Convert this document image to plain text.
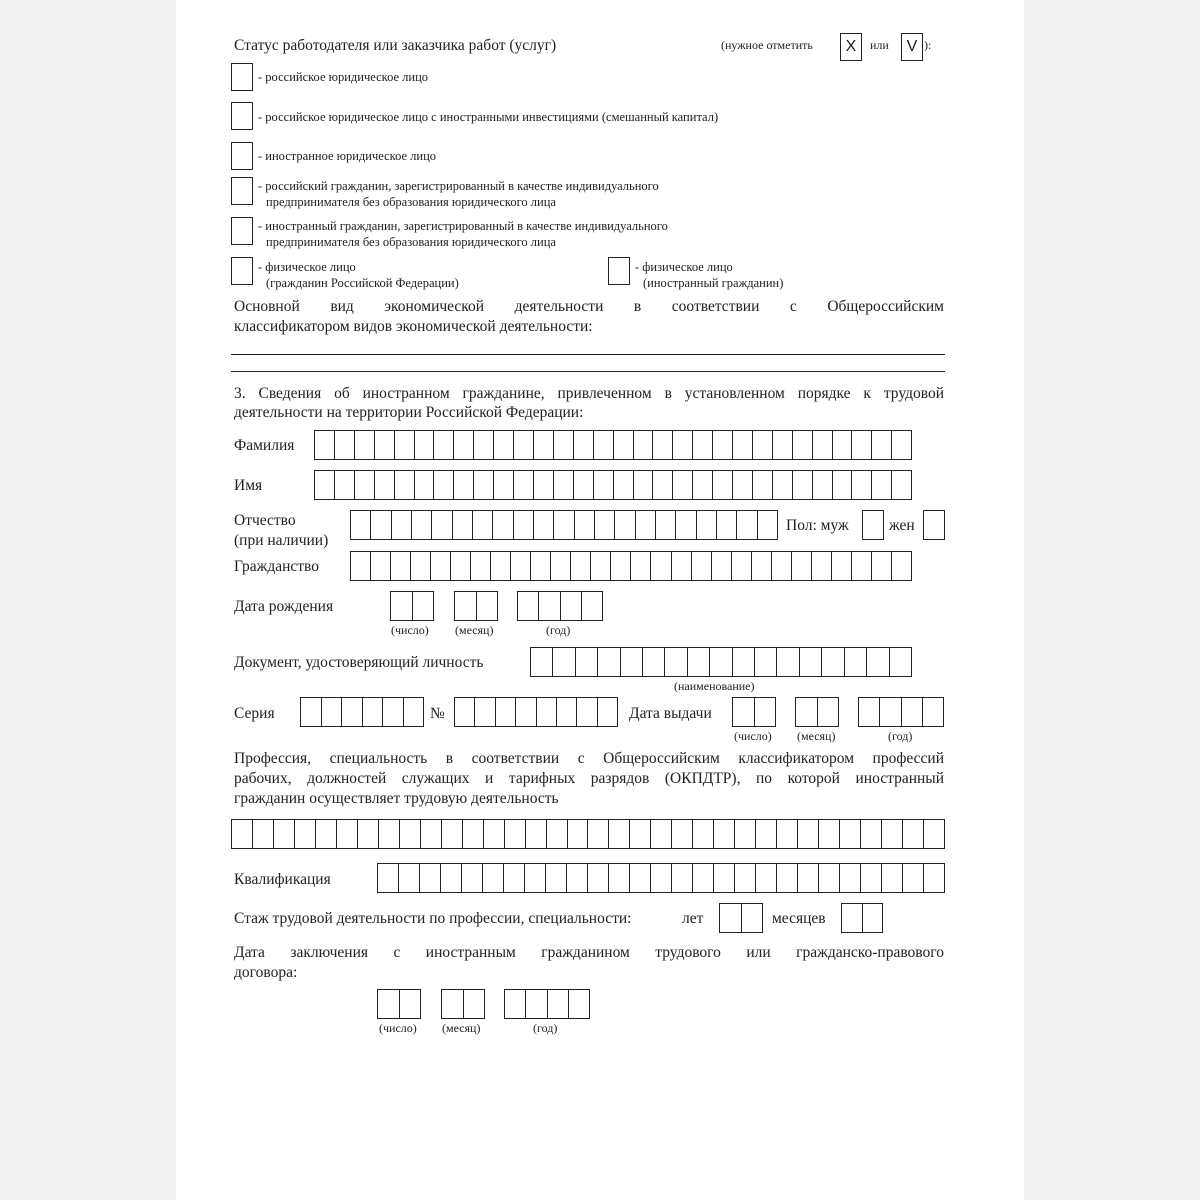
Статус работодателя или заказчика работ (услуг)	(нужное отметить	X	или	V ):
- российское юридическое лицо
- российское юридическое лицо с иностранными инвестициями (смешанный капитал)
- иностранное юридическое лицо
- российский гражданин, зарегистрированный в качестве индивидуального
предпринимателя без образования юридического лица
- иностранный гражданин, зарегистрированный в качестве индивидуального
предпринимателя без образования юридического лица
- физическое лицо
(гражданин Российской Федерации)
- физическое лицо
(иностранный гражданин)
Основной вид экономической деятельности в соответствии с Общероссийским
классификатором видов экономической деятельности:
3. Сведения об иностранном гражданине, привлеченном в установленном порядке к трудовой
деятельности на территории Российской Федерации:
Фамилия
Имя
Отчество
(при наличии)
Пол: муж	жен
Гражданство
Дата рождения
(число) (месяц)	(год)
Документ, удостоверяющий личность
(наименование)
Серия	№	Дата выдачи
(число) (месяц)	(год)
Профессия, специальность в соответствии с Общероссийским классификатором профессий
рабочих, должностей служащих и тарифных разрядов (ОКПДТР), по которой иностранный
гражданин осуществляет трудовую деятельность
Квалификация
Стаж трудовой деятельности по профессии, специальности:	лет	месяцев
Дата заключения с иностранным гражданином трудового или гражданско-правового
договора:
(число) (месяц)	(год)
